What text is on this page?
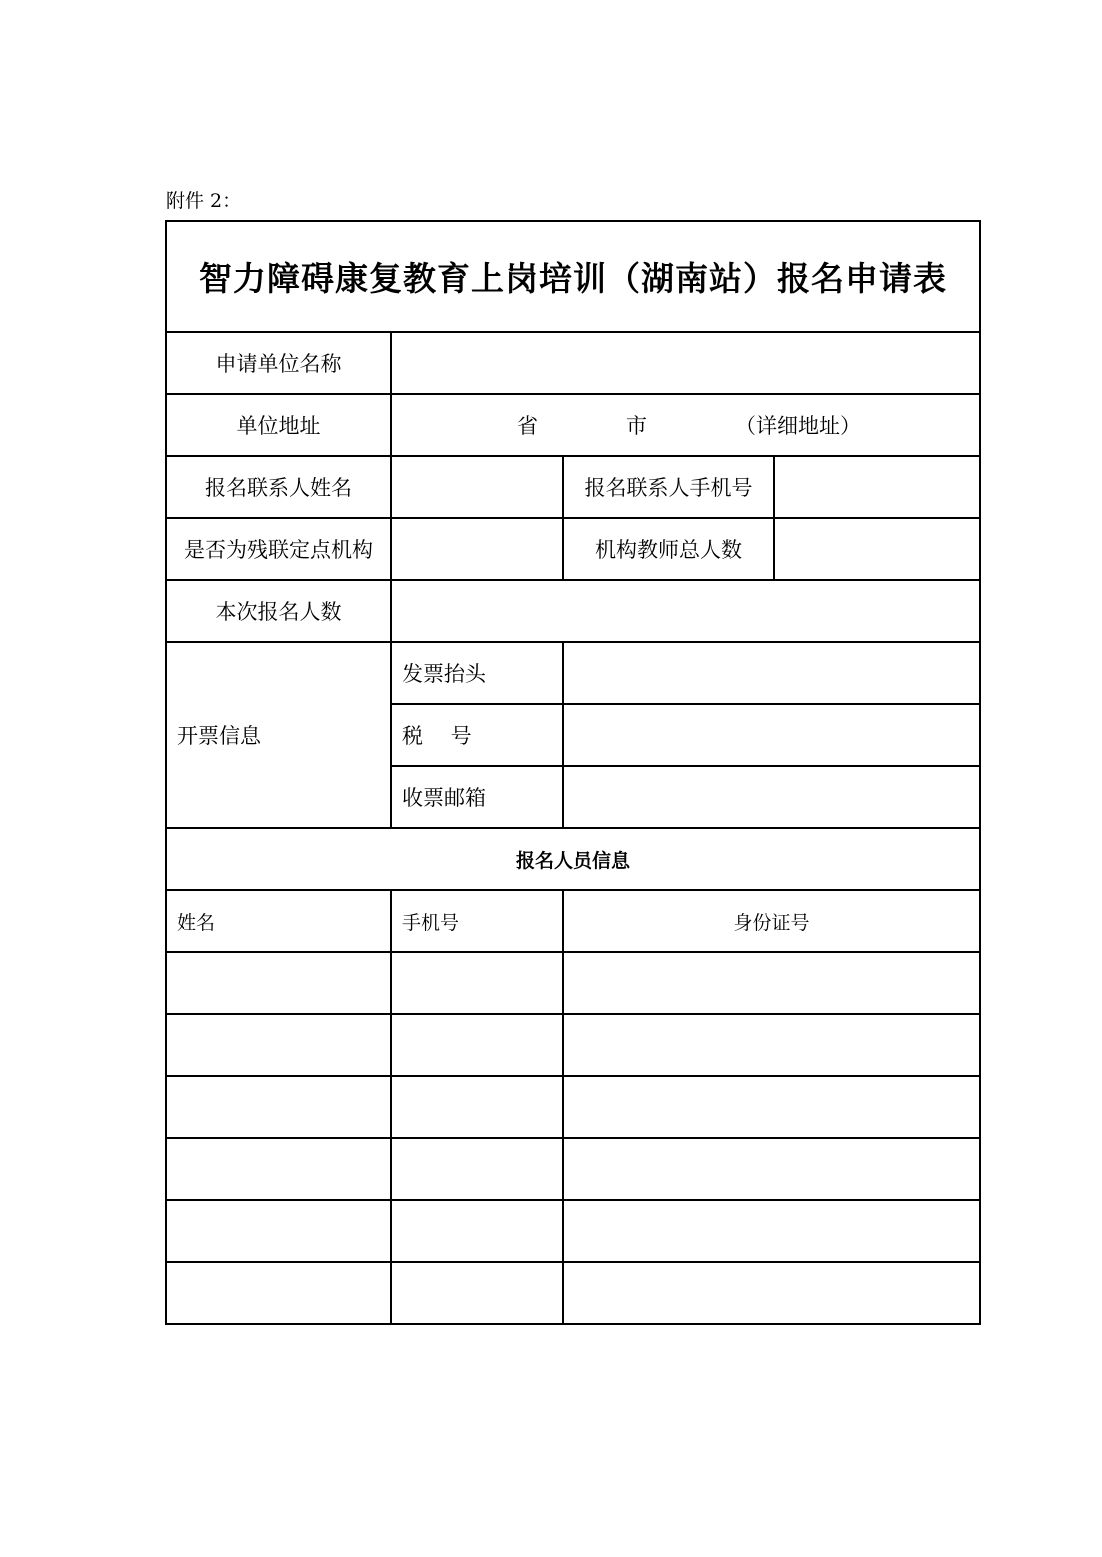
附件 2：
智力障碍康复教育上岗培训（湖南站）报名申请表			
申请单位名称			
单位地址	省 市 （详细地址）		

报名联系人姓名		报名联系人手机号	
是否为残联定点机构		机构教师总人数	
本次报名人数			
开票信息	发票抬头		
	税　 号		
	收票邮箱		
报名人员信息			
姓名	手机号	身份证号	
